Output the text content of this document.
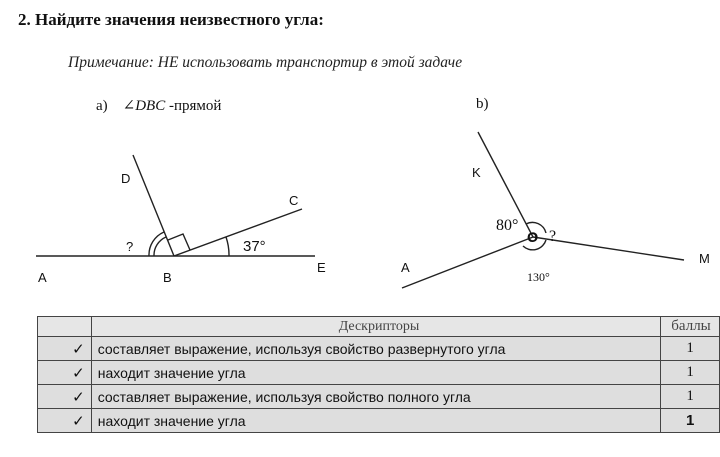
2. Найдите значения неизвестного угла:
Примечание: НЕ использовать транспортир в этой задаче
а) ∠DBC -прямой	b)
D
C
A	B
E
?	37°
K
A
M
O
80°
?
130°
	Дескрипторы	баллы
✓	составляет выражение, используя свойство развернутого угла	1
✓	находит значение угла	1
✓	составляет выражение, используя свойство полного угла	1
✓	находит значение угла	1
